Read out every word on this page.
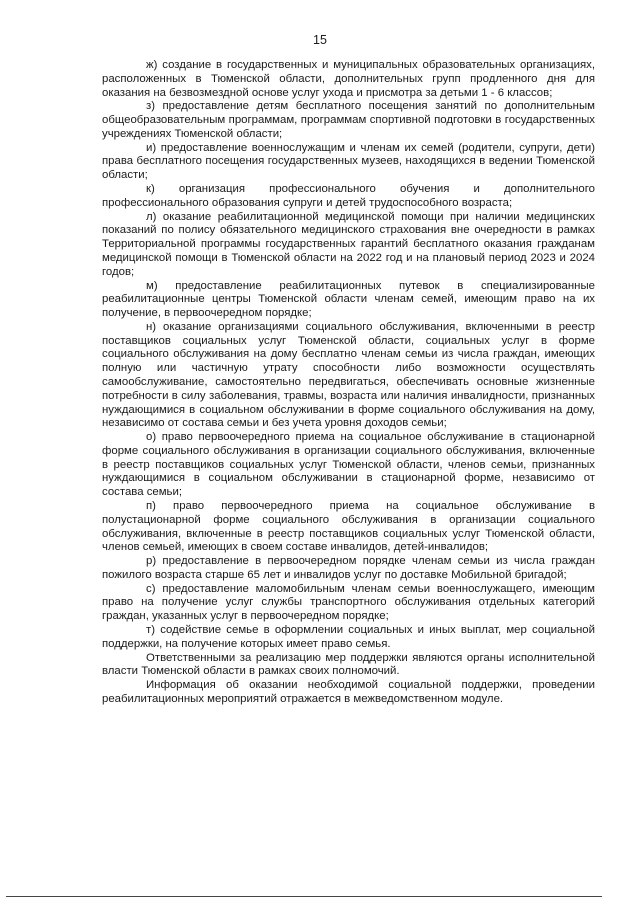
15

ж) создание в государственных и муниципальных образовательных организациях, расположенных в Тюменской области, дополнительных групп продленного дня для оказания на безвозмездной основе услуг ухода и присмотра за детьми 1 - 6 классов;

з) предоставление детям бесплатного посещения занятий по дополнительным общеобразовательным программам, программам спортивной подготовки в государственных учреждениях Тюменской области;

и) предоставление военнослужащим и членам их семей (родители, супруги, дети) права бесплатного посещения государственных музеев, находящихся в ведении Тюменской области;

к) организация профессионального обучения и дополнительного профессионального образования супруги и детей трудоспособного возраста;

л) оказание реабилитационной медицинской помощи при наличии медицинских показаний по полису обязательного медицинского страхования вне очередности в рамках Территориальной программы государственных гарантий бесплатного оказания гражданам медицинской помощи в Тюменской области на 2022 год и на плановый период 2023 и 2024 годов;

м) предоставление реабилитационных путевок в специализированные реабилитационные центры Тюменской области членам семей, имеющим право на их получение, в первоочередном порядке;

н) оказание организациями социального обслуживания, включенными в реестр поставщиков социальных услуг Тюменской области, социальных услуг в форме социального обслуживания на дому бесплатно членам семьи из числа граждан, имеющих полную или частичную утрату способности либо возможности осуществлять самообслуживание, самостоятельно передвигаться, обеспечивать основные жизненные потребности в силу заболевания, травмы, возраста или наличия инвалидности, признанных нуждающимися в социальном обслуживании в форме социального обслуживания на дому, независимо от состава семьи и без учета уровня доходов семьи;

о) право первоочередного приема на социальное обслуживание в стационарной форме социального обслуживания в организации социального обслуживания, включенные в реестр поставщиков социальных услуг Тюменской области, членов семьи, признанных нуждающимися в социальном обслуживании в стационарной форме, независимо от состава семьи;

п) право первоочередного приема на социальное обслуживание в полустационарной форме социального обслуживания в организации социального обслуживания, включенные в реестр поставщиков социальных услуг Тюменской области, членов семьей, имеющих в своем составе инвалидов, детей-инвалидов;

р) предоставление в первоочередном порядке членам семьи из числа граждан пожилого возраста старше 65 лет и инвалидов услуг по доставке Мобильной бригадой;

с) предоставление маломобильным членам семьи военнослужащего, имеющим право на получение услуг службы транспортного обслуживания отдельных категорий граждан, указанных услуг в первоочередном порядке;

т) содействие семье в оформлении социальных и иных выплат, мер социальной поддержки, на получение которых имеет право семья.

Ответственными за реализацию мер поддержки являются органы исполнительной власти Тюменской области в рамках своих полномочий.

Информация об оказании необходимой социальной поддержки, проведении реабилитационных мероприятий отражается в межведомственном модуле.
